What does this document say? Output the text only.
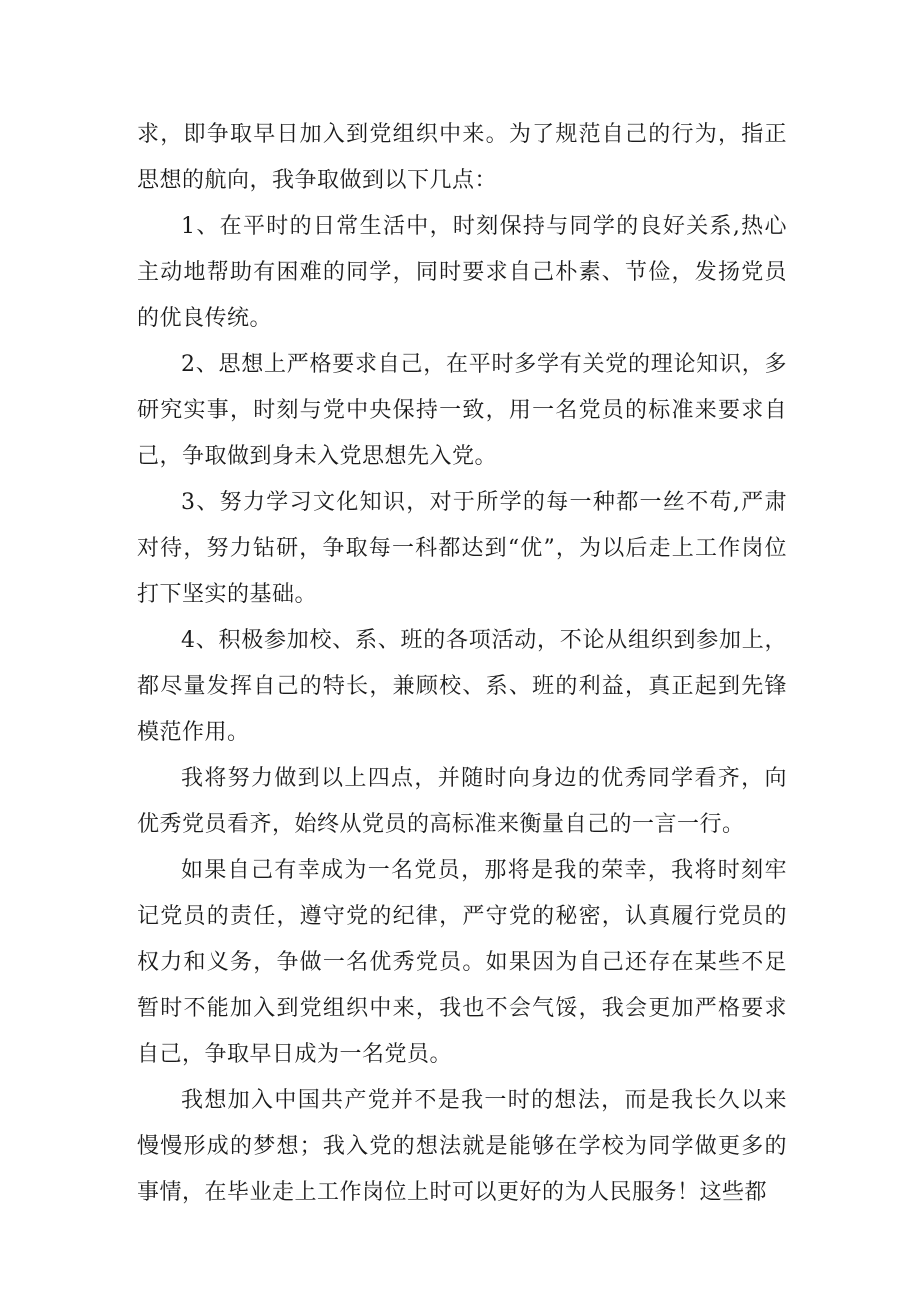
求，即争取早日加入到党组织中来。为了规范自己的行为，指正思想的航向，我争取做到以下几点：

1、在平时的日常生活中，时刻保持与同学的良好关系,热心主动地帮助有困难的同学，同时要求自己朴素、节俭，发扬党员的优良传统。

2、思想上严格要求自己，在平时多学有关党的理论知识，多研究实事，时刻与党中央保持一致，用一名党员的标准来要求自己，争取做到身未入党思想先入党。

3、努力学习文化知识，对于所学的每一种都一丝不苟,严肃对待，努力钻研，争取每一科都达到“优”，为以后走上工作岗位打下坚实的基础。

4、积极参加校、系、班的各项活动，不论从组织到参加上，都尽量发挥自己的特长，兼顾校、系、班的利益，真正起到先锋模范作用。

我将努力做到以上四点，并随时向身边的优秀同学看齐，向优秀党员看齐，始终从党员的高标准来衡量自己的一言一行。

如果自己有幸成为一名党员，那将是我的荣幸，我将时刻牢记党员的责任，遵守党的纪律，严守党的秘密，认真履行党员的权力和义务，争做一名优秀党员。如果因为自己还存在某些不足暂时不能加入到党组织中来，我也不会气馁，我会更加严格要求自己，争取早日成为一名党员。

我想加入中国共产党并不是我一时的想法，而是我长久以来慢慢形成的梦想；我入党的想法就是能够在学校为同学做更多的事情，在毕业走上工作岗位上时可以更好的为人民服务！这些都
